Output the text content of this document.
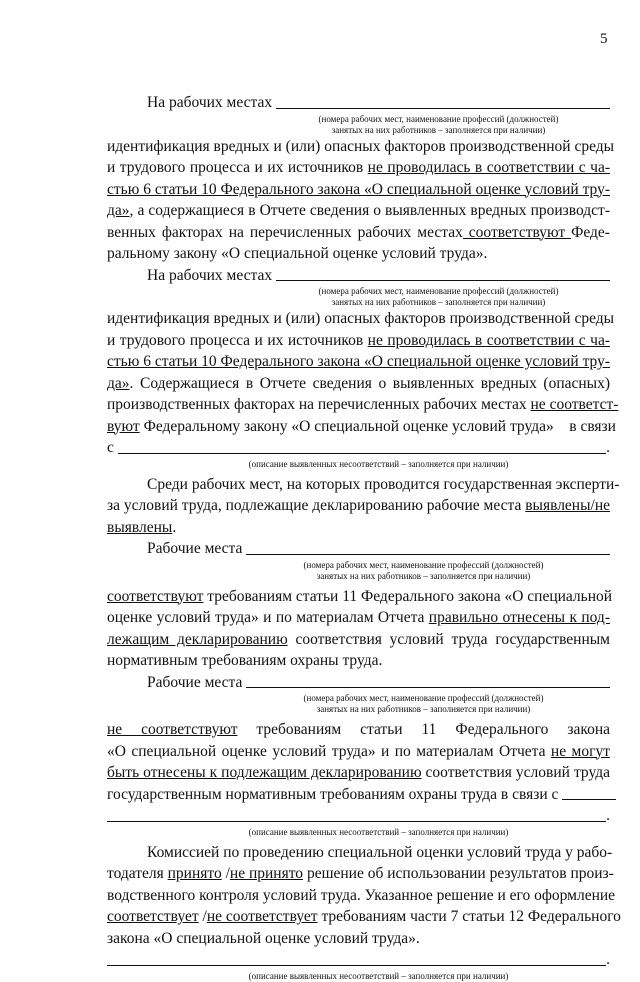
5
На рабочих местах
(номера рабочих мест, наименование профессий (должностей)
занятых на них работников – заполняется при наличии)
идентификация вредных и (или) опасных факторов производственной среды
и трудового процесса и их источников не проводилась в соответствии с ча-
стью 6 статьи 10 Федерального закона «О специальной оценке условий тру-
да», а содержащиеся в Отчете сведения о выявленных вредных производст-
венных факторах на перечисленных рабочих местах соответствуют Феде-
ральному закону «О специальной оценке условий труда».
На рабочих местах
(номера рабочих мест, наименование профессий (должностей)
занятых на них работников – заполняется при наличии)
идентификация вредных и (или) опасных факторов производственной среды
и трудового процесса и их источников не проводилась в соответствии с ча-
стью 6 статьи 10 Федерального закона «О специальной оценке условий тру-
да». Содержащиеся в Отчете сведения о выявленных вредных (опасных)
производственных факторах на перечисленных рабочих местах не соответст-
вуют Федеральному закону «О специальной оценке условий труда»    в связи
с	.
(описание выявленных несоответствий – заполняется при наличии)
Среди рабочих мест, на которых проводится государственная эксперти-
за условий труда, подлежащие декларированию рабочие места выявлены/не
выявлены.
Рабочие места
(номера рабочих мест, наименование профессий (должностей)
занятых на них работников – заполняется при наличии)
соответствуют требованиям статьи 11 Федерального закона «О специальной
оценке условий труда» и по материалам Отчета правильно отнесены к под-
лежащим декларированию соответствия условий труда государственным
нормативным требованиям охраны труда.
Рабочие места
(номера рабочих мест, наименование профессий (должностей)
занятых на них работников – заполняется при наличии)
не соответствуют требованиям статьи 11 Федерального закона
«О специальной оценке условий труда» и по материалам Отчета не могут
быть отнесены к подлежащим декларированию соответствия условий труда
государственным нормативным требованиям охраны труда в связи с
.
(описание выявленных несоответствий – заполняется при наличии)
Комиссией по проведению специальной оценки условий труда у рабо-
тодателя принято /не принято решение об использовании результатов произ-
водственного контроля условий труда. Указанное решение и его оформление
соответствует /не соответствует требованиям части 7 статьи 12 Федерального
закона «О специальной оценке условий труда».
.
(описание выявленных несоответствий – заполняется при наличии)
